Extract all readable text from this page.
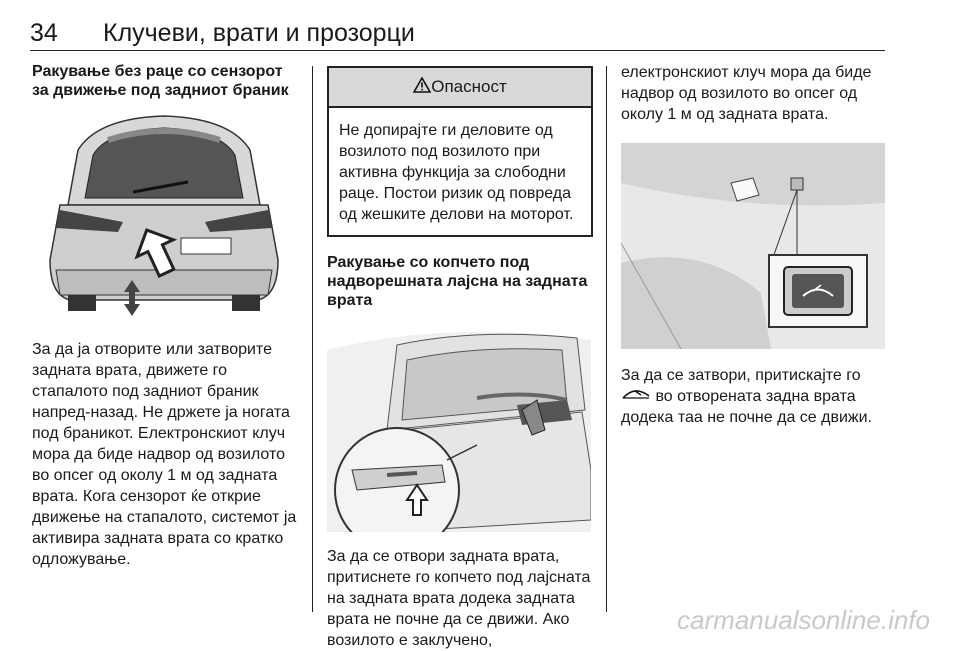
34 Клучеви, врати и прозорци

Ракување без раце со сензорот за движење под задниот браник

За да ја отворите или затворите задната врата, движете го стапалото под задниот браник напред-назад. Не држете ја ногата под браникот. Електронскиот клуч мора да биде надвор од возилото во опсег од околу 1 м од задната врата. Кога сензорот ќе открие движење на стапалото, системот ја активира задната врата со кратко одложување.

Опасност
Не допирајте ги деловите од возилото под возилото при активна функција за слободни раце. Постои ризик од повреда од жешките делови на моторот.

Ракување со копчето под надворешната лајсна на задната врата

За да се отвори задната врата, притиснете го копчето под лајсната на задната врата додека задната врата не почне да се движи. Ако возилото е заклучено,

електронскиот клуч мора да биде надвор од возилото во опсег од околу 1 м од задната врата.

За да се затвори, притискајте го
во отворената задна врата додека таа не почне да се движи.

carmanualsonline.info
